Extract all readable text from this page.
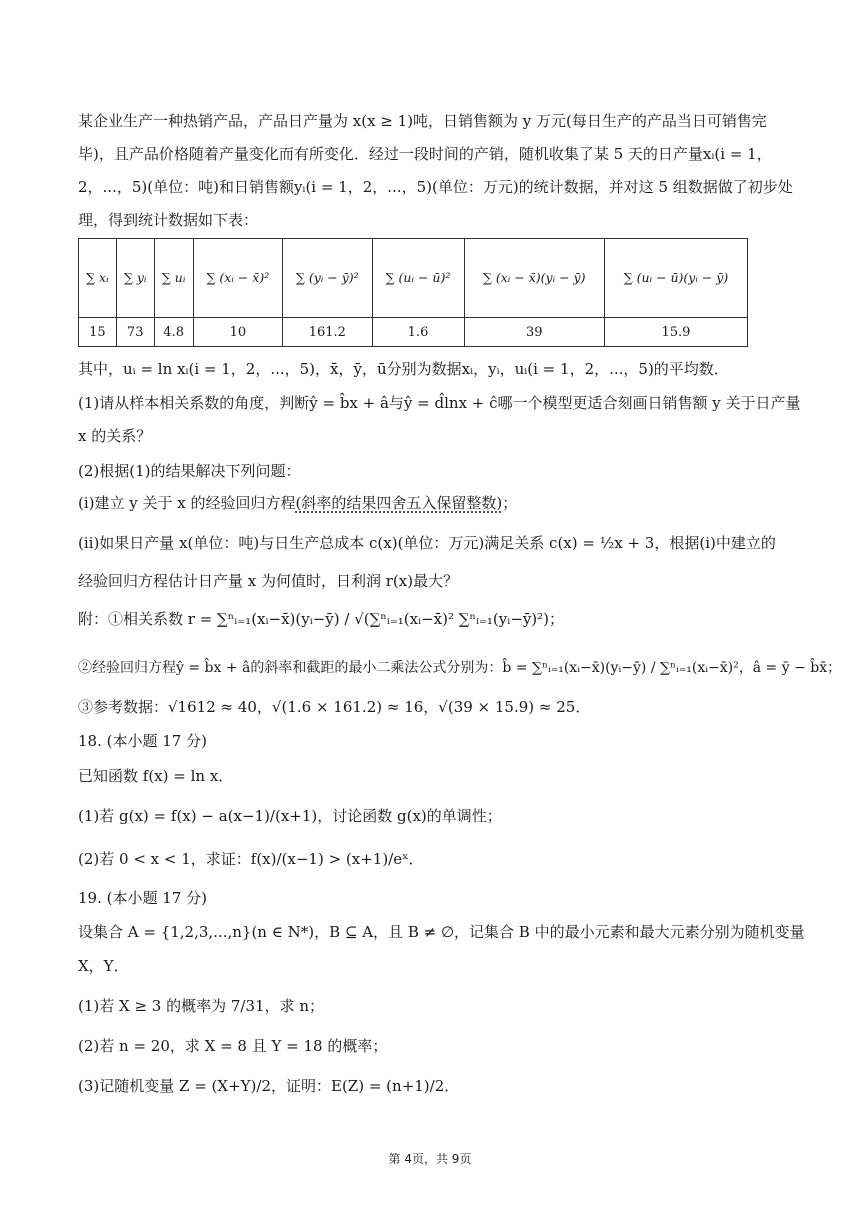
某企业生产一种热销产品，产品日产量为 x(x ≥ 1)吨，日销售额为 y 万元(每日生产的产品当日可销售完
毕)，且产品价格随着产量变化而有所变化．经过一段时间的产销，随机收集了某 5 天的日产量xᵢ(i = 1，
2，...，5)(单位：吨)和日销售额yᵢ(i = 1，2，...，5)(单位：万元)的统计数据，并对这 5 组数据做了初步处
理，得到统计数据如下表：
∑ xᵢ	∑ yᵢ	∑ uᵢ	∑ (xᵢ − x̄)²	∑ (yᵢ − ȳ)²	∑ (uᵢ − ū)²	∑ (xᵢ − x̄)(yᵢ − ȳ)	∑ (uᵢ − ū)(yᵢ − ȳ)
15	73	4.8	10	161.2	1.6	39	15.9
其中，uᵢ = ln xᵢ(i = 1，2，...，5)，x̄，ȳ，ū分别为数据xᵢ，yᵢ，uᵢ(i = 1，2，...，5)的平均数．
(1)请从样本相关系数的角度，判断ŷ = b̂x + â与ŷ = d̂lnx + ĉ哪一个模型更适合刻画日销售额 y 关于日产量
x 的关系？
(2)根据(1)的结果解决下列问题：
(ⅰ)建立 y 关于 x 的经验回归方程(斜率的结果四舍五入保留整数)；
(ⅱ)如果日产量 x(单位：吨)与日生产总成本 c(x)(单位：万元)满足关系 c(x) = ½x + 3，根据(ⅰ)中建立的
经验回归方程估计日产量 x 为何值时，日利润 r(x)最大？
附：①相关系数 r = ∑ⁿᵢ₌₁(xᵢ−x̄)(yᵢ−ȳ) / √(∑ⁿᵢ₌₁(xᵢ−x̄)² ∑ⁿᵢ₌₁(yᵢ−ȳ)²)；
②经验回归方程ŷ = b̂x + â的斜率和截距的最小二乘法公式分别为：b̂ = ∑ⁿᵢ₌₁(xᵢ−x̄)(yᵢ−ȳ) / ∑ⁿᵢ₌₁(xᵢ−x̄)²，â = ȳ − b̂x̄；
③参考数据：√1612 ≈ 40，√(1.6 × 161.2) ≈ 16，√(39 × 15.9) ≈ 25．
18. (本小题 17 分)
已知函数 f(x) = ln x．
(1)若 g(x) = f(x) − a(x−1)/(x+1)，讨论函数 g(x)的单调性；
(2)若 0 < x < 1，求证：f(x)/(x−1) > (x+1)/eˣ．
19. (本小题 17 分)
设集合 A = {1,2,3,...,n}(n ∈ N*)，B ⊆ A，且 B ≠ ∅，记集合 B 中的最小元素和最大元素分别为随机变量
X，Y．
(1)若 X ≥ 3 的概率为 7/31，求 n；
(2)若 n = 20，求 X = 8 且 Y = 18 的概率；
(3)记随机变量 Z = (X+Y)/2，证明：E(Z) = (n+1)/2．
第 4页，共 9页
